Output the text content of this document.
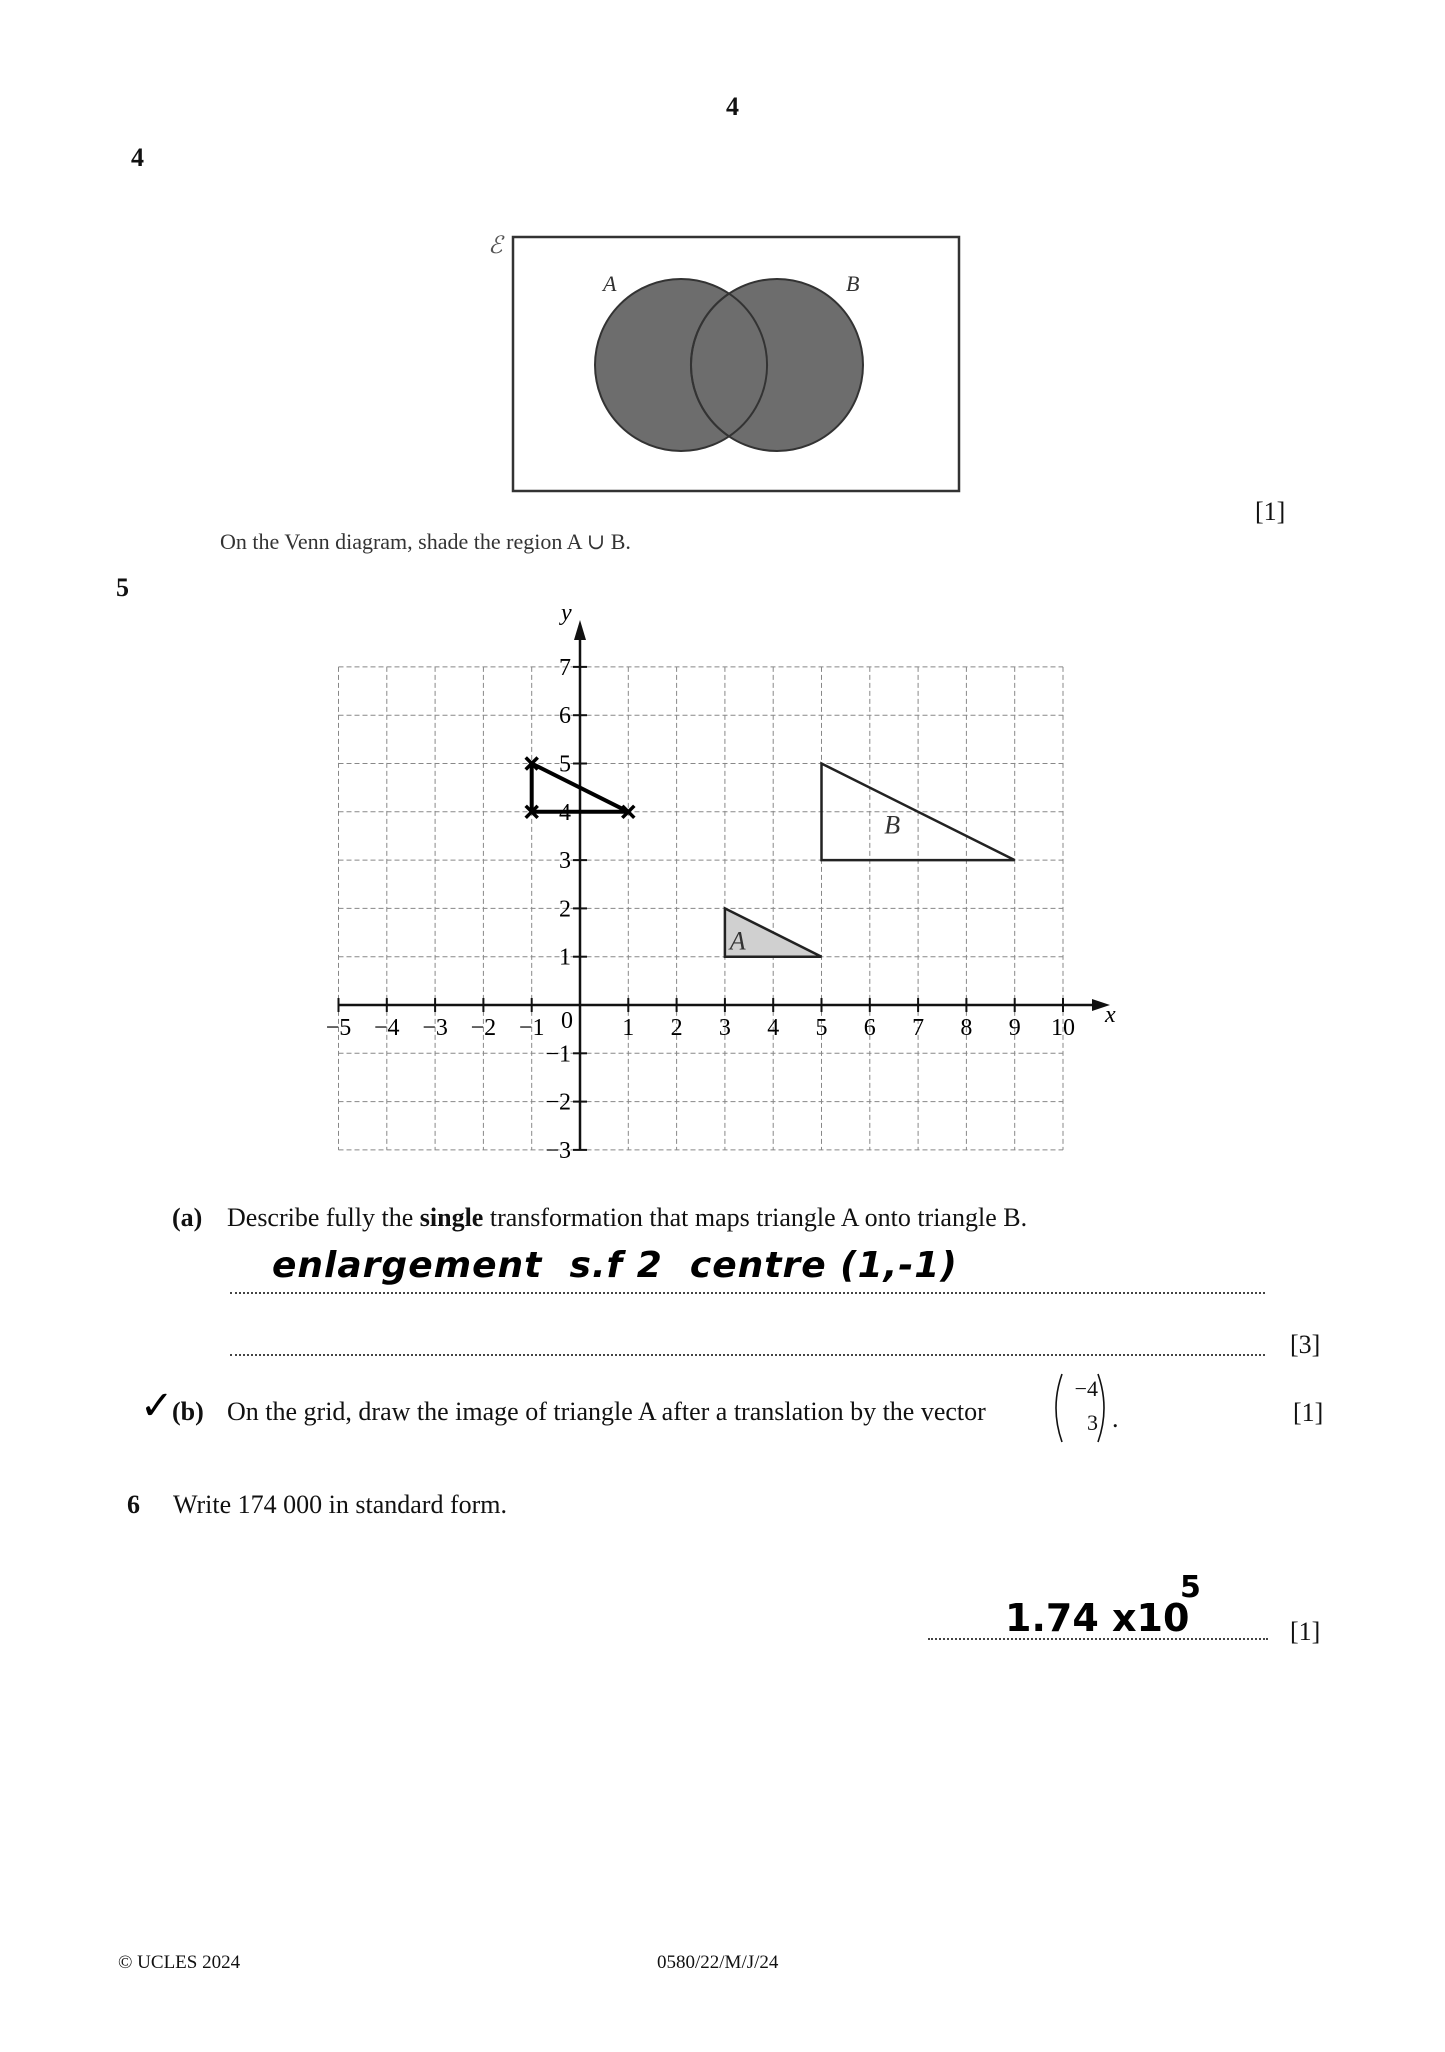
4
4
ℰ
A	B
[1]
On the Venn diagram, shade the region A ∪ B.
5
x
y
0
−5 −4 −3 −2 −1	1 2 3 4 5 6 7 8 9 10
1
2
3
4
5
6
7
−1
−2
−3
B
A
(a) Describe fully the single transformation that maps triangle A onto triangle B.
enlargement  s.f 2  centre (1,-1)
[3]
✓
(b) On the grid, draw the image of triangle A after a translation by the vector
−4
3 .	[1]
6 Write 174 000 in standard form.
1.74 x10
5
[1]
© UCLES 2024	0580/22/M/J/24
